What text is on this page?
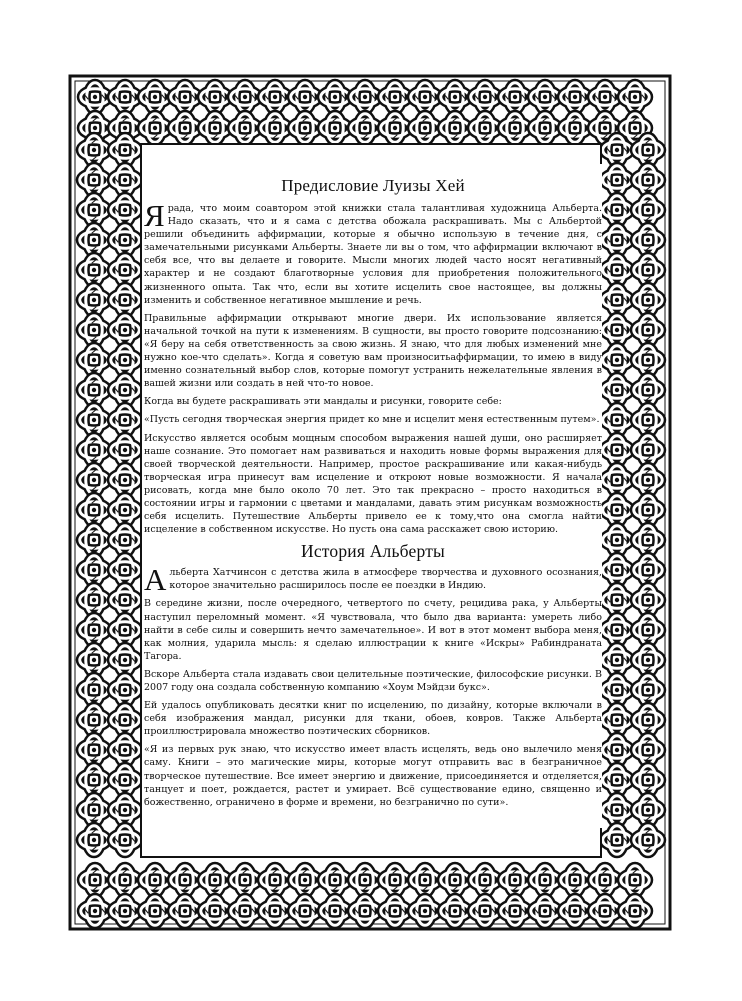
Предисловие Луизы Хей

Я рада, что моим соавтором этой книжки стала талантливая художница Альберта. Надо сказать, что и я сама с детства обожала раскрашивать. Мы с Альбертой решили объединить аффирмации, которые я обычно использую в течение дня, с замечательными рисунками Альберты. Знаете ли вы о том, что аффирмации включают в себя все, что вы делаете и говорите. Мысли многих людей часто носят негативный характер и не создают благотворные условия для приобретения положительного жизненного опыта. Так что, если вы хотите исцелить свое настоящее, вы должны изменить и собственное негативное мышление и речь.

Правильные аффирмации открывают многие двери. Их использование является начальной точкой на пути к изменениям. В сущности, вы просто говорите подсознанию: «Я беру на себя ответственность за свою жизнь. Я знаю, что для любых изменений мне нужно кое-что сделать». Когда я советую вам произноситьаффирмации, то имею в виду именно сознательный выбор слов, которые помогут устранить нежелательные явления в вашей жизни или создать в ней что-то новое.

Когда вы будете раскрашивать эти мандалы и рисунки, говорите себе:

«Пусть сегодня творческая энергия придет ко мне и исцелит меня естественным путем».

Искусство является особым мощным способом выражения нашей души, оно расширяет наше сознание. Это помогает нам развиваться и находить новые формы выражения для своей творческой деятельности. Например, простое раскрашивание или какая-нибудь творческая игра принесут вам исцеление и откроют новые возможности. Я начала рисовать, когда мне было около 70 лет. Это так прекрасно – просто находиться в состоянии игры и гармонии с цветами и мандалами, давать этим рисункам возможность себя исцелить. Путешествие Альберты привело ее к тому,что она смогла найти исцеление в собственном искусстве. Но пусть она сама расскажет свою историю.

История Альберты

Альберта Хатчинсон с детства жила в атмосфере творчества и духовного осознания, которое значительно расширилось после ее поездки в Индию.

В середине жизни, после очередного, четвертого по счету, рецидива рака, у Альберты наступил переломный момент. «Я чувствовала, что было два варианта: умереть либо найти в себе силы и совершить нечто замечательное». И вот в этот момент выбора меня, как молния, ударила мысль: я сделаю иллюстрации к книге «Искры» Рабиндраната Тагора.

Вскоре Альберта стала издавать свои целительные поэтические, философские рисунки. В 2007 году она создала собственную компанию «Хоум Мэйдзи букс».

Ей удалось опубликовать десятки книг по исцелению, по дизайну, которые включали в себя изображения мандал, рисунки для ткани, обоев, ковров. Также Альберта проиллюстрировала множество поэтических сборников.

«Я из первых рук знаю, что искусство имеет власть исцелять, ведь оно вылечило меня саму. Книги – это магические миры, которые могут отправить вас в безграничное творческое путешествие. Все имеет энергию и движение, присоединяется и отделяется, танцует и поет, рождается, растет и умирает. Всё существование едино, священно и божественно, ограничено в форме и времени, но безгранично по сути».
